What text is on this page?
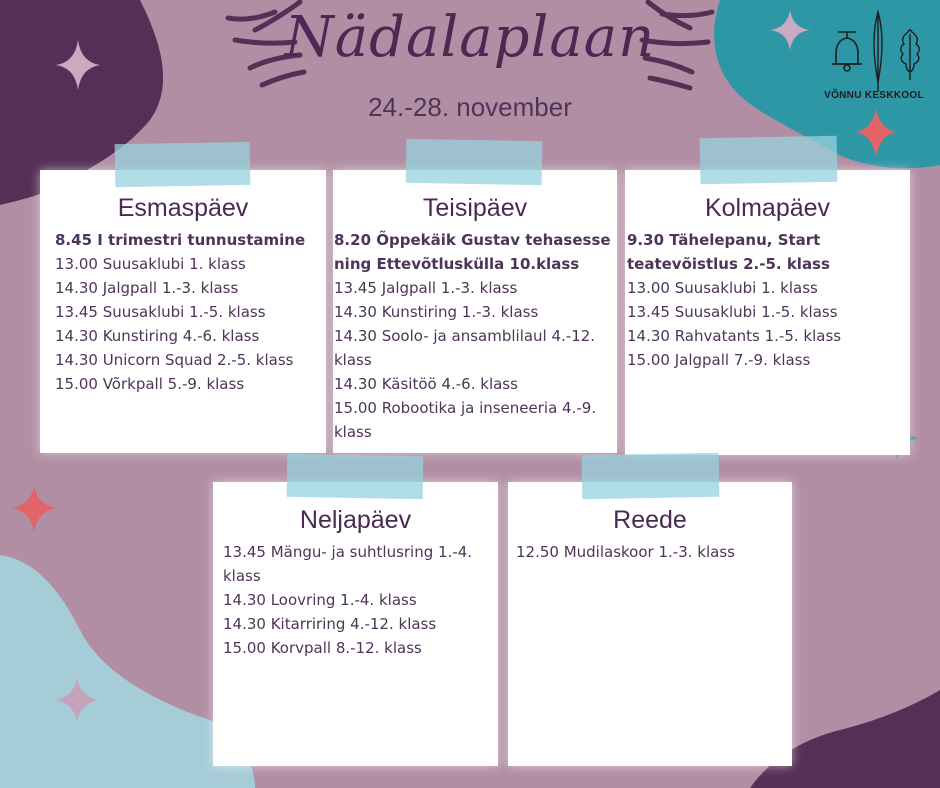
Nädalaplaan
24.-28. november	VÕNNU KESKKOOL
Esmaspäev
8.45 I trimestri tunnustamine
13.00 Suusaklubi 1. klass
14.30 Jalgpall 1.-3. klass
13.45 Suusaklubi 1.-5. klass
14.30 Kunstiring 4.-6. klass
14.30 Unicorn Squad 2.-5. klass
15.00 Võrkpall 5.-9. klass
Teisipäev
8.20 Õppekäik Gustav tehasesse ning Ettevõtluskülla 10.klass
13.45 Jalgpall 1.-3. klass
14.30 Kunstiring 1.-3. klass
14.30 Soolo- ja ansamblilaul 4.-12. klass
14.30 Käsitöö 4.-6. klass
15.00 Robootika ja inseneeria 4.-9. klass
Kolmapäev
9.30 Tähelepanu, Start teatevõistlus 2.-5. klass
13.00 Suusaklubi 1. klass
13.45 Suusaklubi 1.-5. klass
14.30 Rahvatants 1.-5. klass
15.00 Jalgpall 7.-9. klass
Neljapäev
13.45 Mängu- ja suhtlusring 1.-4. klass
14.30 Loovring 1.-4. klass
14.30 Kitarriring 4.-12. klass
15.00 Korvpall 8.-12. klass
Reede
12.50 Mudilaskoor 1.-3. klass
